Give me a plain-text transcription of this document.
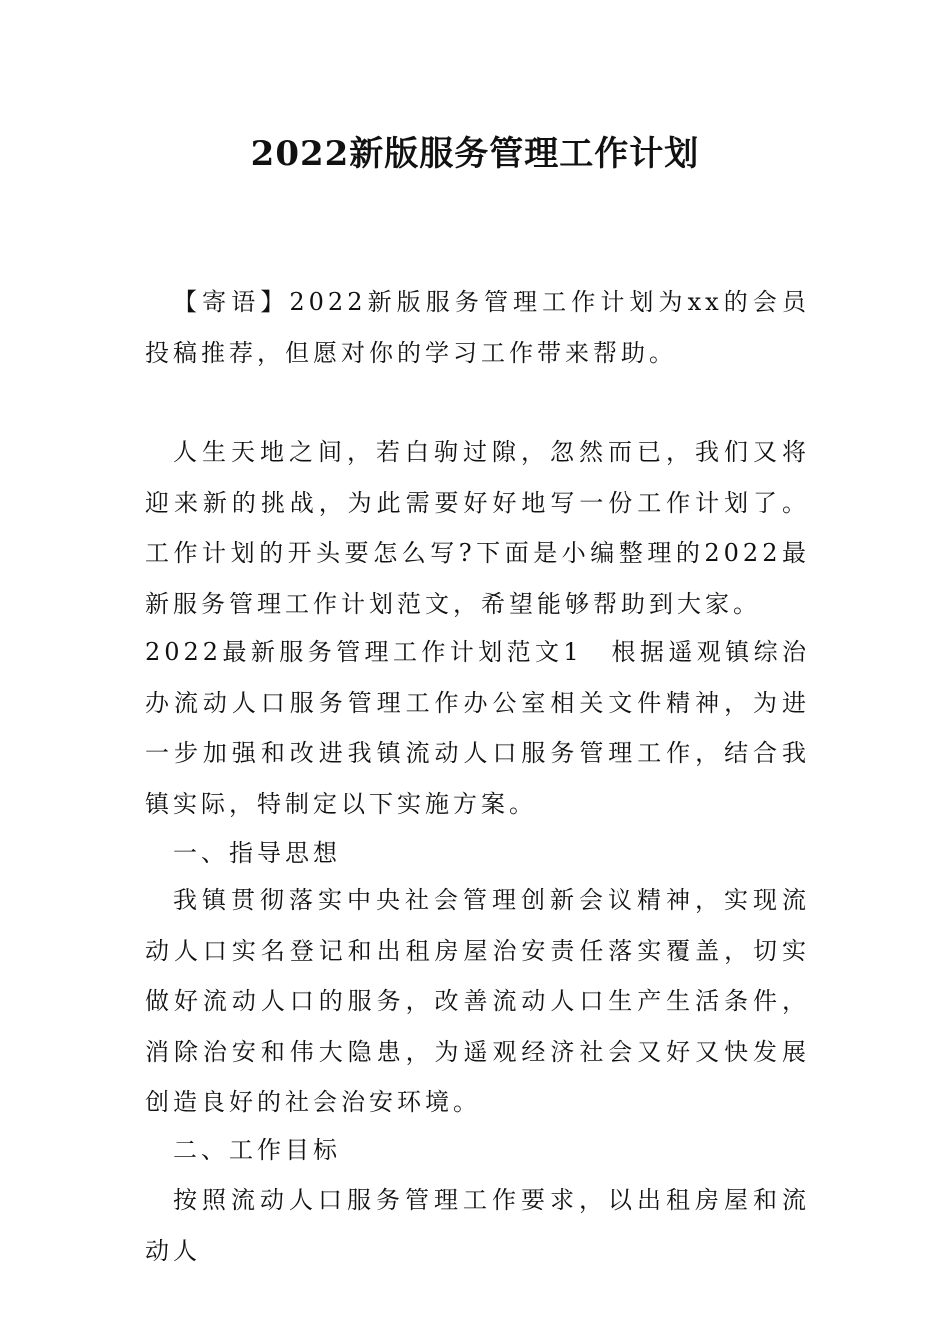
2022新版服务管理工作计划
【寄语】2022新版服务管理工作计划为xx的会员投稿推荐，但愿对你的学习工作带来帮助。
人生天地之间，若白驹过隙，忽然而已，我们又将迎来新的挑战，为此需要好好地写一份工作计划了。工作计划的开头要怎么写?下面是小编整理的2022最新服务管理工作计划范文，希望能够帮助到大家。
2022最新服务管理工作计划范文1　根据遥观镇综治办流动人口服务管理工作办公室相关文件精神，为进一步加强和改进我镇流动人口服务管理工作，结合我镇实际，特制定以下实施方案。
一、指导思想
我镇贯彻落实中央社会管理创新会议精神，实现流动人口实名登记和出租房屋治安责任落实覆盖，切实做好流动人口的服务，改善流动人口生产生活条件，消除治安和伟大隐患，为遥观经济社会又好又快发展创造良好的社会治安环境。
二、工作目标
按照流动人口服务管理工作要求，以出租房屋和流动人
